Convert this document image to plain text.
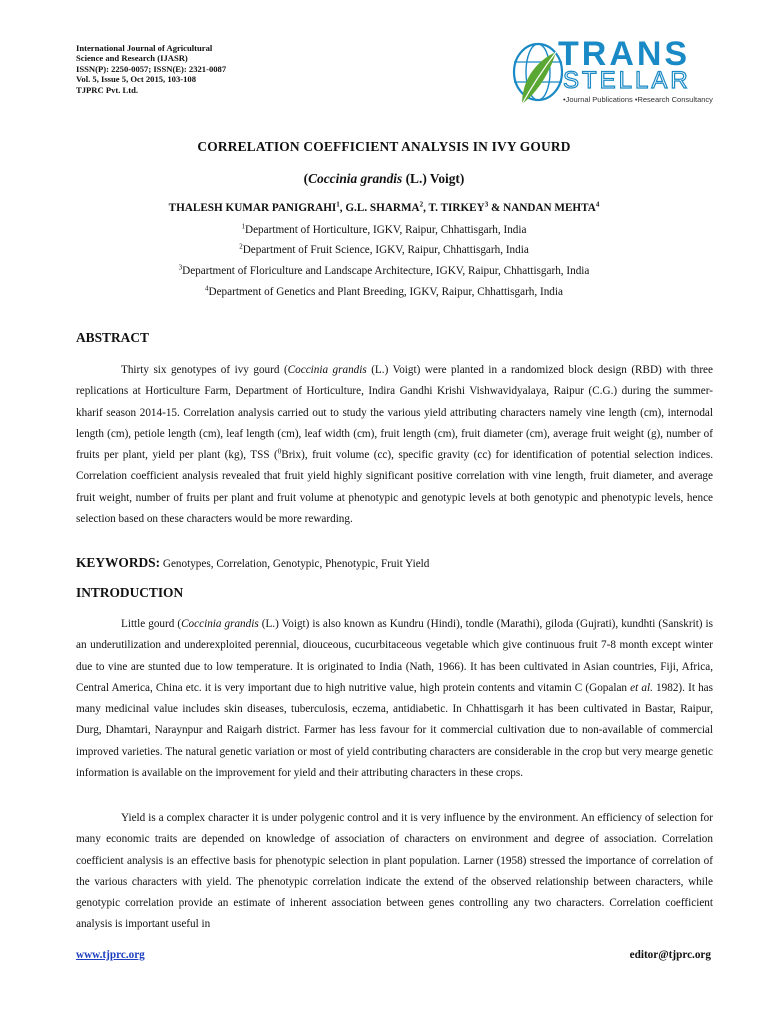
International Journal of Agricultural
Science and Research (IJASR)
ISSN(P): 2250-0057; ISSN(E): 2321-0087
Vol. 5, Issue 5, Oct 2015, 103-108
TJPRC Pvt. Ltd.
TRANS
STELLAR
•Journal Publications •Research Consultancy
CORRELATION COEFFICIENT ANALYSIS IN IVY GOURD
(Coccinia grandis (L.) Voigt)
THALESH KUMAR PANIGRAHI$^1$, G.L. SHARMA$^2$, T. TIRKEY$^3$ & NANDAN MEHTA$^4$
$^1$Department of Horticulture, IGKV, Raipur, Chhattisgarh, India
$^2$Department of Fruit Science, IGKV, Raipur, Chhattisgarh, India
$^3$Department of Floriculture and Landscape Architecture, IGKV, Raipur, Chhattisgarh, India
$^4$Department of Genetics and Plant Breeding, IGKV, Raipur, Chhattisgarh, India
ABSTRACT
Thirty six genotypes of ivy gourd (Coccinia grandis (L.) Voigt) were planted in a randomized block design (RBD) with three replications at Horticulture Farm, Department of Horticulture, Indira Gandhi Krishi Vishwavidyalaya, Raipur (C.G.) during the summer-kharif season 2014-15. Correlation analysis carried out to study the various yield attributing characters namely vine length (cm), internodal length (cm), petiole length (cm), leaf length (cm), leaf width (cm), fruit length (cm), fruit diameter (cm), average fruit weight (g), number of fruits per plant, yield per plant (kg), TSS ($^0$Brix), fruit volume (cc), specific gravity (cc) for identification of potential selection indices. Correlation coefficient analysis revealed that fruit yield highly significant positive correlation with vine length, fruit diameter, and average fruit weight, number of fruits per plant and fruit volume at phenotypic and genotypic levels at both genotypic and phenotypic levels, hence selection based on these characters would be more rewarding.
KEYWORDS: Genotypes, Correlation, Genotypic, Phenotypic, Fruit Yield
INTRODUCTION
Little gourd (Coccinia grandis (L.) Voigt) is also known as Kundru (Hindi), tondle (Marathi), giloda (Gujrati), kundhti (Sanskrit) is an underutilization and underexploited perennial, diouceous, cucurbitaceous vegetable which give continuous fruit 7-8 month except winter due to vine are stunted due to low temperature. It is originated to India (Nath, 1966). It has been cultivated in Asian countries, Fiji, Africa, Central America, China etc. it is very important due to high nutritive value, high protein contents and vitamin C (Gopalan et al. 1982). It has many medicinal value includes skin diseases, tuberculosis, eczema, antidiabetic. In Chhattisgarh it has been cultivated in Bastar, Raipur, Durg, Dhamtari, Naraynpur and Raigarh district. Farmer has less favour for it commercial cultivation due to non-available of commercial improved varieties. The natural genetic variation or most of yield contributing characters are considerable in the crop but very mearge genetic information is available on the improvement for yield and their attributing characters in these crops.
Yield is a complex character it is under polygenic control and it is very influence by the environment. An efficiency of selection for many economic traits are depended on knowledge of association of characters on environment and degree of association. Correlation coefficient analysis is an effective basis for phenotypic selection in plant population. Larner (1958) stressed the importance of correlation of the various characters with yield. The phenotypic correlation indicate the extend of the observed relationship between characters, while genotypic correlation provide an estimate of inherent association between genes controlling any two characters. Correlation coefficient analysis is important useful in
www.tjprc.org	editor@tjprc.org
